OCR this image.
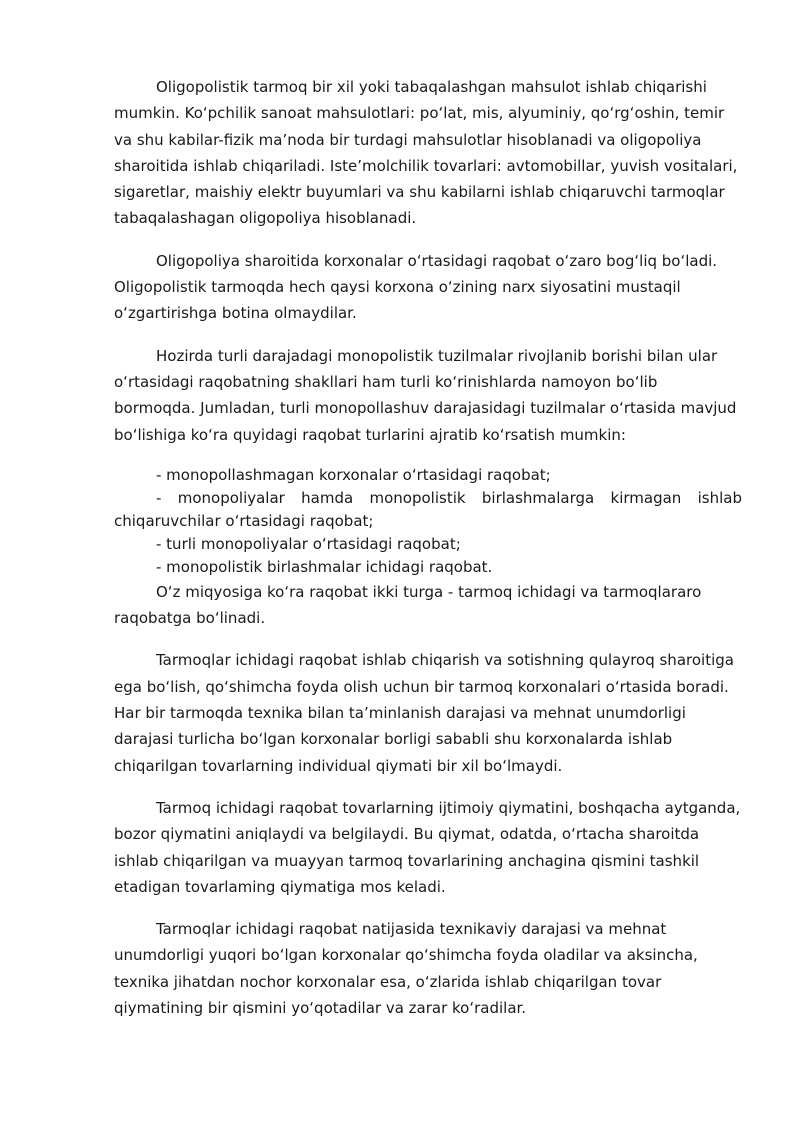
Oligopolistik tarmoq bir xil yoki tabaqalashgan mahsulot ishlab chiqarishi mumkin. Koʻpchilik sanoat mahsulotlari: poʻlat, mis, alyuminiy, qoʻrgʻoshin, temir va shu kabilar-fizik maʼnoda bir turdagi mahsulotlar hisoblanadi va oligopoliya sharoitida ishlab chiqariladi. Isteʼmolchilik tovarlari: avtomobillar, yuvish vositalari, sigaretlar, maishiy elektr buyumlari va shu kabilarni ishlab chiqaruvchi tarmoqlar tabaqalashagan oligopoliya hisoblanadi.

Oligopoliya sharoitida korxonalar oʻrtasidagi raqobat oʻzaro bogʻliq boʻladi. Oligopolistik tarmoqda hech qaysi korxona oʻzining narx siyosatini mustaqil oʻzgartirishga botina olmaydilar.

Hozirda turli darajadagi monopolistik tuzilmalar rivojlanib borishi bilan ular oʻrtasidagi raqobatning shakllari ham turli koʻrinishlarda namoyon boʻlib bormoqda. Jumladan, turli monopollashuv darajasidagi tuzilmalar oʻrtasida mavjud boʻlishiga koʻra quyidagi raqobat turlarini ajratib koʻrsatish mumkin:

- monopollashmagan korxonalar oʻrtasidagi raqobat;

- monopoliyalar hamda monopolistik birlashmalarga kirmagan ishlab chiqaruvchilar oʻrtasidagi raqobat;

- turli monopoliyalar oʻrtasidagi raqobat;

- monopolistik birlashmalar ichidagi raqobat.

Oʻz miqyosiga koʻra raqobat ikki turga - tarmoq ichidagi va tarmoqlararo raqobatga boʻlinadi.

Tarmoqlar ichidagi raqobat ishlab chiqarish va sotishning qulayroq sharoitiga ega boʻlish, qoʻshimcha foyda olish uchun bir tarmoq korxonalari oʻrtasida boradi. Har bir tarmoqda texnika bilan taʼminlanish darajasi va mehnat unumdorligi darajasi turlicha boʻlgan korxonalar borligi sababli shu korxonalarda ishlab chiqarilgan tovarlarning individual qiymati bir xil boʻlmaydi.

Tarmoq ichidagi raqobat tovarlarning ijtimoiy qiymatini, boshqacha aytganda, bozor qiymatini aniqlaydi va belgilaydi. Bu qiymat, odatda, oʻrtacha sharoitda ishlab chiqarilgan va muayyan tarmoq tovarlarining anchagina qismini tashkil etadigan tovarlaming qiymatiga mos keladi.

Tarmoqlar ichidagi raqobat natijasida texnikaviy darajasi va mehnat unumdorligi yuqori boʻlgan korxonalar qoʻshimcha foyda oladilar va aksincha, texnika jihatdan nochor korxonalar esa, oʻzlarida ishlab chiqarilgan tovar qiymatining bir qismini yoʻqotadilar va zarar koʻradilar.
